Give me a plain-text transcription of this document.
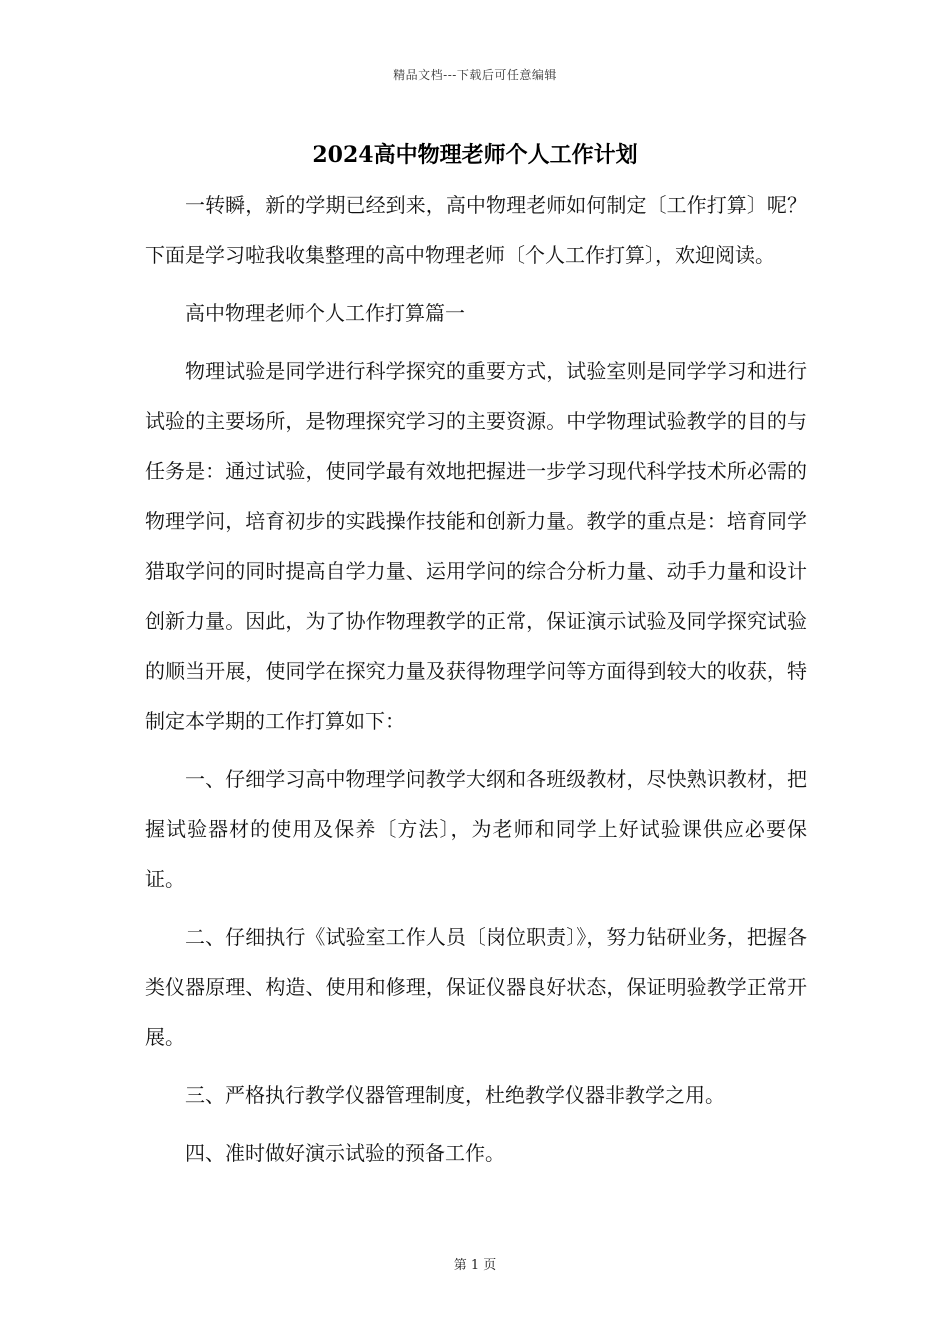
精品文档---下载后可任意编辑
2024高中物理老师个人工作计划

一转瞬，新的学期已经到来，高中物理老师如何制定〔工作打算〕呢？下面是学习啦我收集整理的高中物理老师〔个人工作打算〕，欢迎阅读。

高中物理老师个人工作打算篇一

物理试验是同学进行科学探究的重要方式，试验室则是同学学习和进行试验的主要场所，是物理探究学习的主要资源。中学物理试验教学的目的与任务是：通过试验，使同学最有效地把握进一步学习现代科学技术所必需的物理学问，培育初步的实践操作技能和创新力量。教学的重点是：培育同学猎取学问的同时提高自学力量、运用学问的综合分析力量、动手力量和设计创新力量。因此，为了协作物理教学的正常，保证演示试验及同学探究试验的顺当开展，使同学在探究力量及获得物理学问等方面得到较大的收获，特制定本学期的工作打算如下：

一、仔细学习高中物理学问教学大纲和各班级教材，尽快熟识教材，把握试验器材的使用及保养〔方法〕，为老师和同学上好试验课供应必要保证。

二、仔细执行《试验室工作人员〔岗位职责〕》，努力钻研业务，把握各类仪器原理、构造、使用和修理，保证仪器良好状态，保证明验教学正常开展。

三、严格执行教学仪器管理制度，杜绝教学仪器非教学之用。

四、准时做好演示试验的预备工作。

第 1 页
